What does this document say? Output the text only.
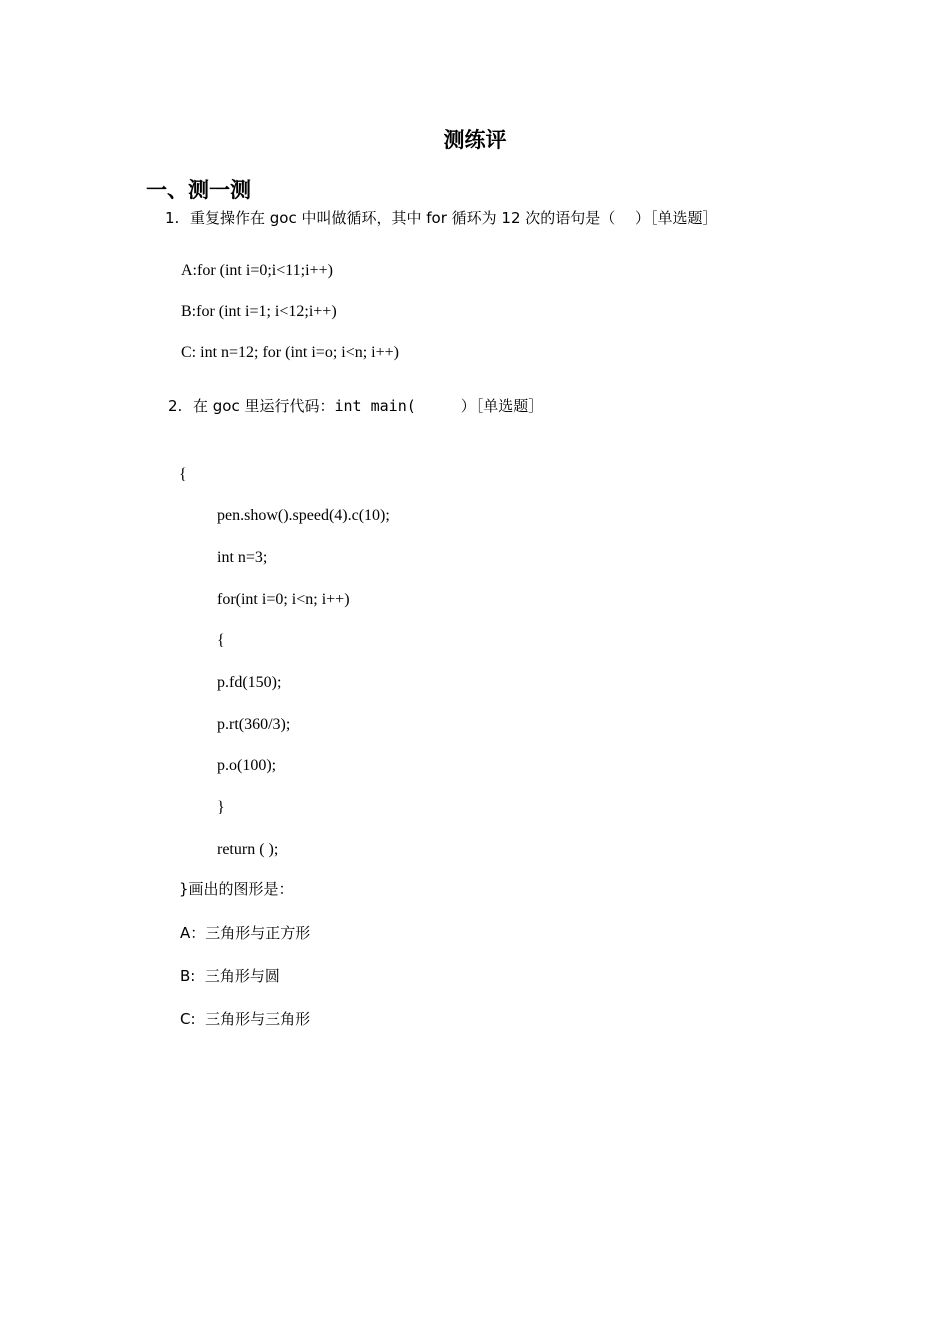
测练评
一、测一测
1. 重复操作在 goc 中叫做循环，其中 for 循环为 12 次的语句是（　 ）［单选题］
A:for (int i=0;i<11;i++)
B:for (int i=1; i<12;i++)
C: int n=12; for (int i=o; i<n; i++)
2. 在 goc 里运行代码：int main(　　　）［单选题］
{
pen.show().speed(4).c(10);
int n=3;
for(int i=0; i<n; i++)
{
p.fd(150);
p.rt(360/3);
p.o(100);
}
return ( );
}画出的图形是：
A：三角形与正方形
B:  三角形与圆
C:  三角形与三角形
